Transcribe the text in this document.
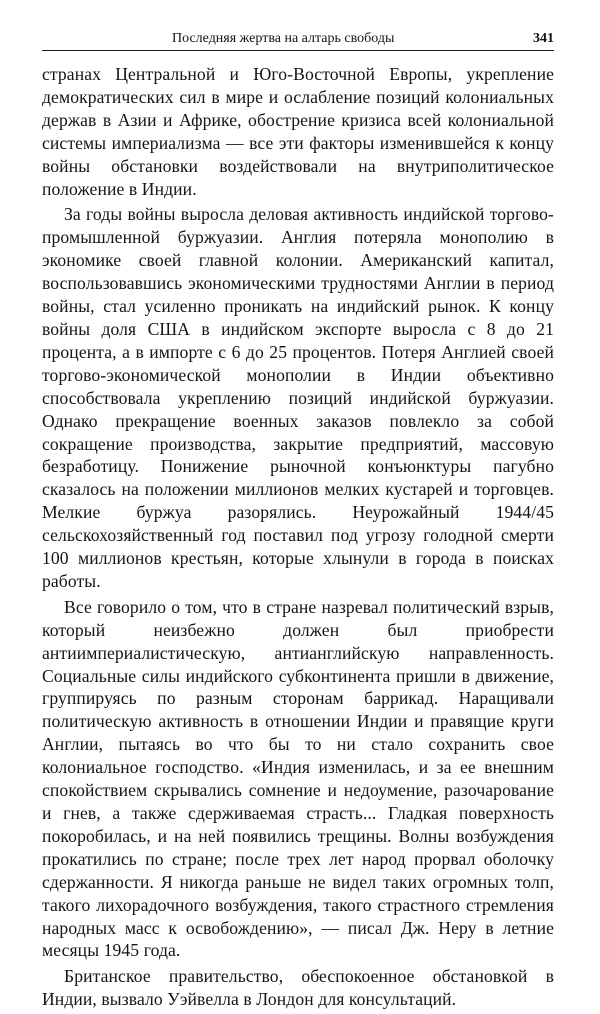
Последняя жертва на алтарь свободы	341

странах Центральной и Юго-Восточной Европы, укрепление демократических сил в мире и ослабление позиций колониальных держав в Азии и Африке, обострение кризиса всей колониальной системы империализма — все эти факторы изменившейся к концу войны обстановки воздействовали на внутриполитическое положение в Индии.

За годы войны выросла деловая активность индийской торгово-промышленной буржуазии. Англия потеряла монополию в экономике своей главной колонии. Американский капитал, воспользовавшись экономическими трудностями Англии в период войны, стал усиленно проникать на индийский рынок. К концу войны доля США в индийском экспорте выросла с 8 до 21 процента, а в импорте с 6 до 25 процентов. Потеря Англией своей торгово-экономической монополии в Индии объективно способствовала укреплению позиций индийской буржуазии. Однако прекращение военных заказов повлекло за собой сокращение производства, закрытие предприятий, массовую безработицу. Понижение рыночной конъюнктуры пагубно сказалось на положении миллионов мелких кустарей и торговцев. Мелкие буржуа разорялись. Неурожайный 1944/45 сельскохозяйственный год поставил под угрозу голодной смерти 100 миллионов крестьян, которые хлынули в города в поисках работы.

Все говорило о том, что в стране назревал политический взрыв, который неизбежно должен был приобрести антиимпериалистическую, антианглийскую направленность. Социальные силы индийского субконтинента пришли в движение, группируясь по разным сторонам баррикад. Наращивали политическую активность в отношении Индии и правящие круги Англии, пытаясь во что бы то ни стало сохранить свое колониальное господство. «Индия изменилась, и за ее внешним спокойствием скрывались сомнение и недоумение, разочарование и гнев, а также сдерживаемая страсть... Гладкая поверхность покоробилась, и на ней появились трещины. Волны возбуждения прокатились по стране; после трех лет народ прорвал оболочку сдержанности. Я никогда раньше не видел таких огромных толп, такого лихорадочного возбуждения, такого страстного стремления народных масс к освобождению», — писал Дж. Неру в летние месяцы 1945 года.

Британское правительство, обеспокоенное обстановкой в Индии, вызвало Уэйвелла в Лондон для консультаций.
